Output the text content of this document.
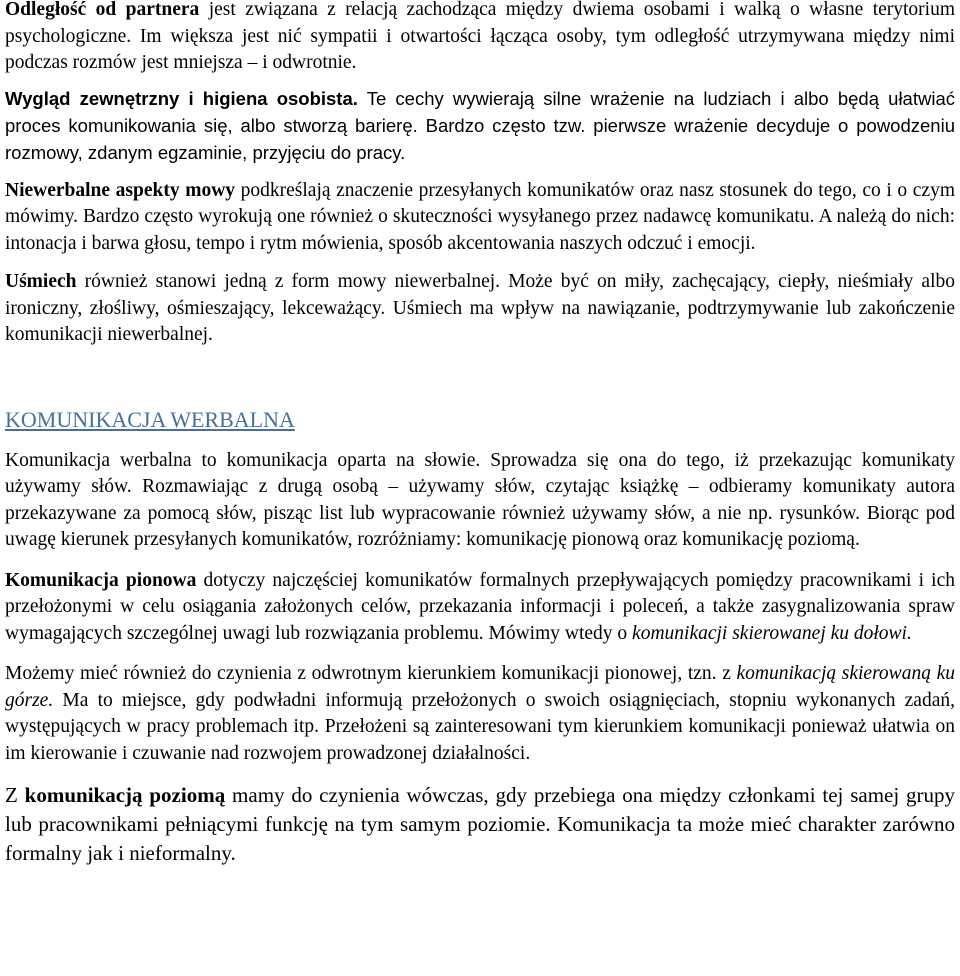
Odległość od partnera jest związana z relacją zachodząca między dwiema osobami i walką o własne terytorium psychologiczne. Im większa jest nić sympatii i otwartości łącząca osoby, tym odległość utrzymywana między nimi podczas rozmów jest mniejsza – i odwrotnie.

Wygląd zewnętrzny i higiena osobista. Te cechy wywierają silne wrażenie na ludziach i albo będą ułatwiać proces komunikowania się, albo stworzą barierę. Bardzo często tzw. pierwsze wrażenie decyduje o powodzeniu rozmowy, zdanym egzaminie, przyjęciu do pracy.

Niewerbalne aspekty mowy podkreślają znaczenie przesyłanych komunikatów oraz nasz stosunek do tego, co i o czym mówimy. Bardzo często wyrokują one również o skuteczności wysyłanego przez nadawcę komunikatu. A należą do nich: intonacja i barwa głosu, tempo i rytm mówienia, sposób akcentowania naszych odczuć i emocji.

Uśmiech również stanowi jedną z form mowy niewerbalnej. Może być on miły, zachęcający, ciepły, nieśmiały albo ironiczny, złośliwy, ośmieszający, lekceważący. Uśmiech ma wpływ na nawiązanie, podtrzymywanie lub zakończenie komunikacji niewerbalnej.

KOMUNIKACJA WERBALNA

Komunikacja werbalna to komunikacja oparta na słowie. Sprowadza się ona do tego, iż przekazując komunikaty używamy słów. Rozmawiając z drugą osobą – używamy słów, czytając książkę – odbieramy komunikaty autora przekazywane za pomocą słów, pisząc list lub wypracowanie również używamy słów, a nie np. rysunków. Biorąc pod uwagę kierunek przesyłanych komunikatów, rozróżniamy: komunikację pionową oraz komunikację poziomą.

Komunikacja pionowa dotyczy najczęściej komunikatów formalnych przepływających pomiędzy pracownikami i ich przełożonymi w celu osiągania założonych celów, przekazania informacji i poleceń, a także zasygnalizowania spraw wymagających szczególnej uwagi lub rozwiązania problemu. Mówimy wtedy o komunikacji skierowanej ku dołowi.

Możemy mieć również do czynienia z odwrotnym kierunkiem komunikacji pionowej, tzn. z komunikacją skierowaną ku górze. Ma to miejsce, gdy podwładni informują przełożonych o swoich osiągnięciach, stopniu wykonanych zadań, występujących w pracy problemach itp. Przełożeni są zainteresowani tym kierunkiem komunikacji ponieważ ułatwia on im kierowanie i czuwanie nad rozwojem prowadzonej działalności.

Z komunikacją poziomą mamy do czynienia wówczas, gdy przebiega ona między członkami tej samej grupy lub pracownikami pełniącymi funkcję na tym samym poziomie. Komunikacja ta może mieć charakter zarówno formalny jak i nieformalny.
